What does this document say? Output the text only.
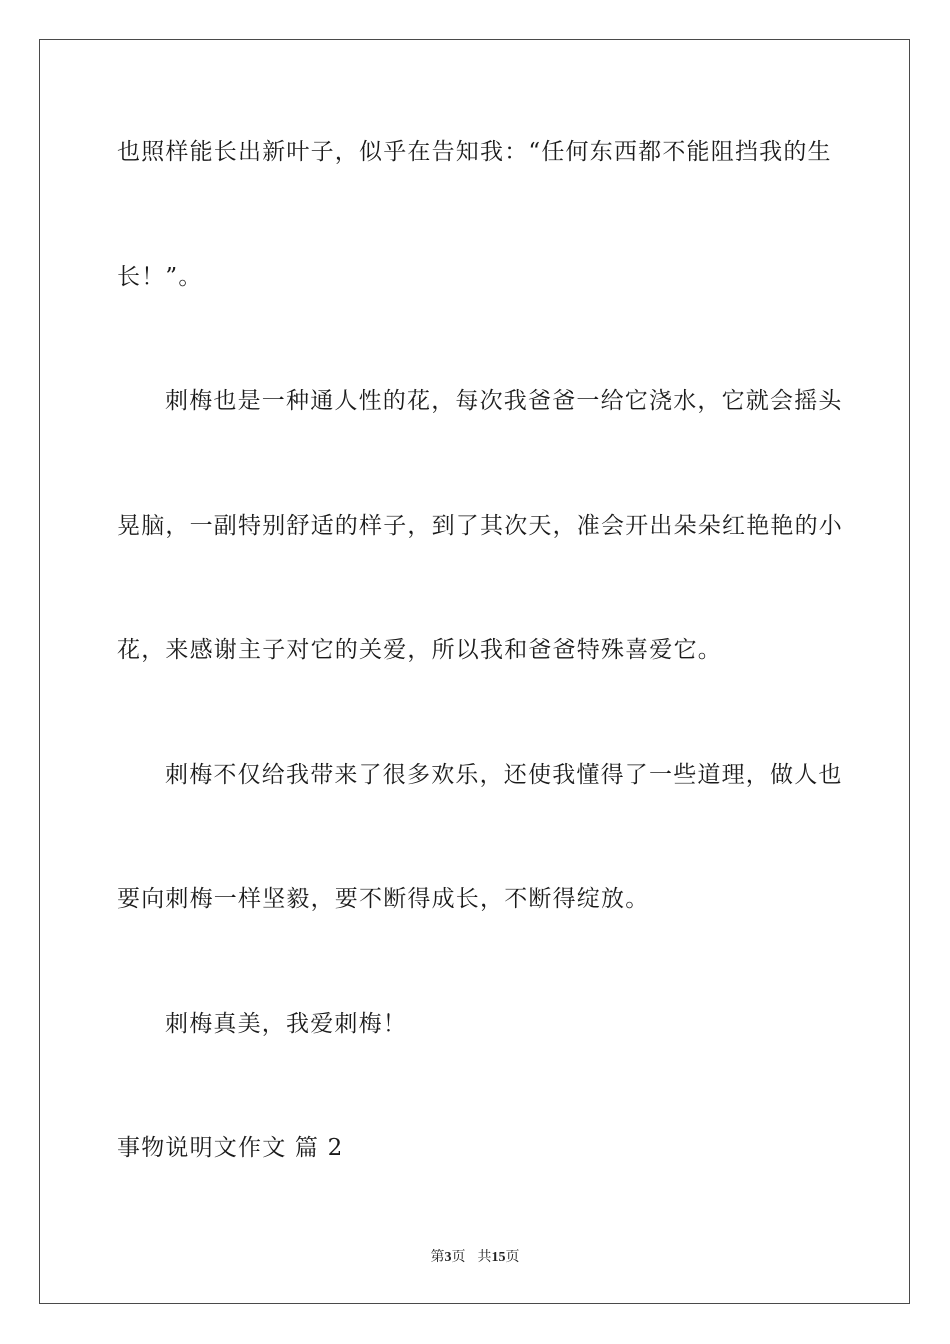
也照样能长出新叶子，似乎在告知我：“任何东西都不能阻挡我的生
长！”。
刺梅也是一种通人性的花，每次我爸爸一给它浇水，它就会摇头
晃脑，一副特别舒适的样子，到了其次天，准会开出朵朵红艳艳的小
花，来感谢主子对它的关爱，所以我和爸爸特殊喜爱它。
刺梅不仅给我带来了很多欢乐，还使我懂得了一些道理，做人也
要向刺梅一样坚毅，要不断得成长，不断得绽放。
刺梅真美，我爱刺梅！
事物说明文作文 篇 2
第3页 共15页
